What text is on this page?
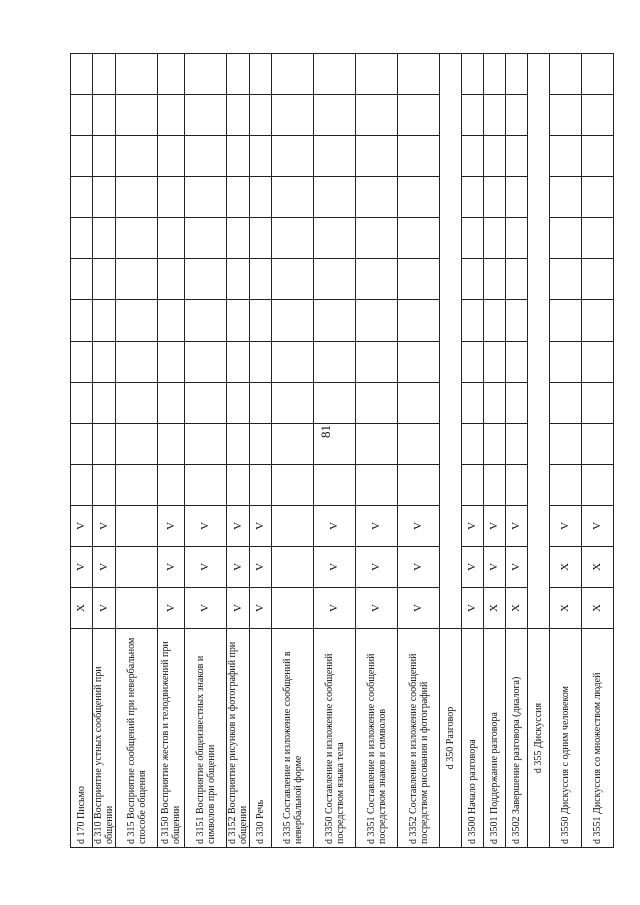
81
d 170 Письмо	X	V	V											
d 310 Восприятие устных сообщений при общении	V	V	V											
d 315 Восприятие сообщений при невербальном способе общения														
d 3150 Восприятие жестов и телодвижений при общении	V	V	V											
d 3151 Восприятие общеизвестных знаков и символов при общении	V	V	V											
d 3152 Восприятие рисунков и фотографий при общении	V	V	V											
d 330 Речь	V	V	V											
d 335 Составление и изложение сообщений в невербальной форме														
d 3350 Составление и изложение сообщений посредством языка тела	V	V	V											
d 3351 Составление и изложение сообщений посредством знаков и символов	V	V	V											
d 3352 Составление и изложение сообщений посредством рисования и фотографий	V	V	V											
d 350 Разговор														
d 3500 Начало разговора	V	V	V											
d 3501 Поддержание разговора	X	V	V											
d 3502 Завершение разговора (диалога)	X	V	V											
d 355 Дискуссия														
d 3550 Дискуссия с одним человеком	X	X	V											
d 3551 Дискуссия со множеством людей	X	X	V											
